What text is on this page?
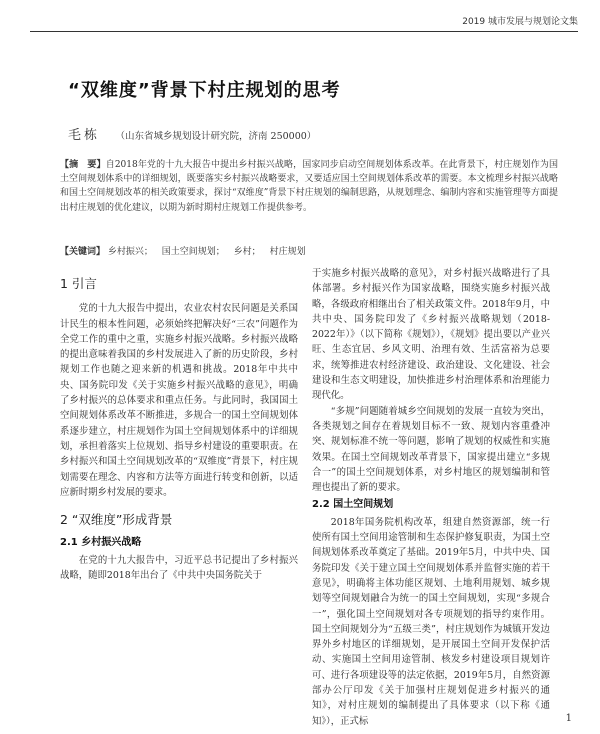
2019 城市发展与规划论文集
“双维度”背景下村庄规划的思考
毛栋 （山东省城乡规划设计研究院，济南 250000）
【摘　要】自2018年党的十九大报告中提出乡村振兴战略，国家同步启动空间规划体系改革。在此背景下，村庄规划作为国土空间规划体系中的详细规划，既要落实乡村振兴战略要求，又要适应国土空间规划体系改革的需要。本文梳理乡村振兴战略和国土空间规划改革的相关政策要求，探讨“双维度”背景下村庄规划的编制思路，从规划理念、编制内容和实施管理等方面提出村庄规划的优化建议，以期为新时期村庄规划工作提供参考。
【关键词】 乡村振兴； 国土空间规划； 乡村； 村庄规划
1 引言

党的十九大报告中提出，农业农村农民问题是关系国计民生的根本性问题，必须始终把解决好“三农”问题作为全党工作的重中之重，实施乡村振兴战略。乡村振兴战略的提出意味着我国的乡村发展进入了新的历史阶段，乡村规划工作也随之迎来新的机遇和挑战。2018年中共中央、国务院印发《关于实施乡村振兴战略的意见》，明确了乡村振兴的总体要求和重点任务。与此同时，我国国土空间规划体系改革不断推进，多规合一的国土空间规划体系逐步建立，村庄规划作为国土空间规划体系中的详细规划，承担着落实上位规划、指导乡村建设的重要职责。在乡村振兴和国土空间规划改革的“双维度”背景下，村庄规划需要在理念、内容和方法等方面进行转变和创新，以适应新时期乡村发展的要求。

2 “双维度”形成背景
2.1 乡村振兴战略

在党的十九大报告中，习近平总书记提出了乡村振兴战略，随即2018年出台了《中共中央国务院关于

于实施乡村振兴战略的意见》，对乡村振兴战略进行了具体部署。乡村振兴作为国家战略，围绕实施乡村振兴战略，各级政府相继出台了相关政策文件。2018年9月，中共中央、国务院印发了《乡村振兴战略规划（2018-2022年）》（以下简称《规划》），《规划》提出要以产业兴旺、生态宜居、乡风文明、治理有效、生活富裕为总要求，统筹推进农村经济建设、政治建设、文化建设、社会建设和生态文明建设，加快推进乡村治理体系和治理能力现代化。

“多规”问题随着城乡空间规划的发展一直较为突出，各类规划之间存在着规划目标不一致、规划内容重叠冲突、规划标准不统一等问题，影响了规划的权威性和实施效果。在国土空间规划改革背景下，国家提出建立“多规合一”的国土空间规划体系，对乡村地区的规划编制和管理也提出了新的要求。

2.2 国土空间规划

2018年国务院机构改革，组建自然资源部，统一行使所有国土空间用途管制和生态保护修复职责，为国土空间规划体系改革奠定了基础。2019年5月，中共中央、国务院印发《关于建立国土空间规划体系并监督实施的若干意见》，明确将主体功能区规划、土地利用规划、城乡规划等空间规划融合为统一的国土空间规划，实现“多规合一”，强化国土空间规划对各专项规划的指导约束作用。国土空间规划分为“五级三类”，村庄规划作为城镇开发边界外乡村地区的详细规划，是开展国土空间开发保护活动、实施国土空间用途管制、核发乡村建设项目规划许可、进行各项建设等的法定依据，2019年5月，自然资源部办公厅印发《关于加强村庄规划促进乡村振兴的通知》，对村庄规划的编制提出了具体要求（以下称《通知》），正式标	1
